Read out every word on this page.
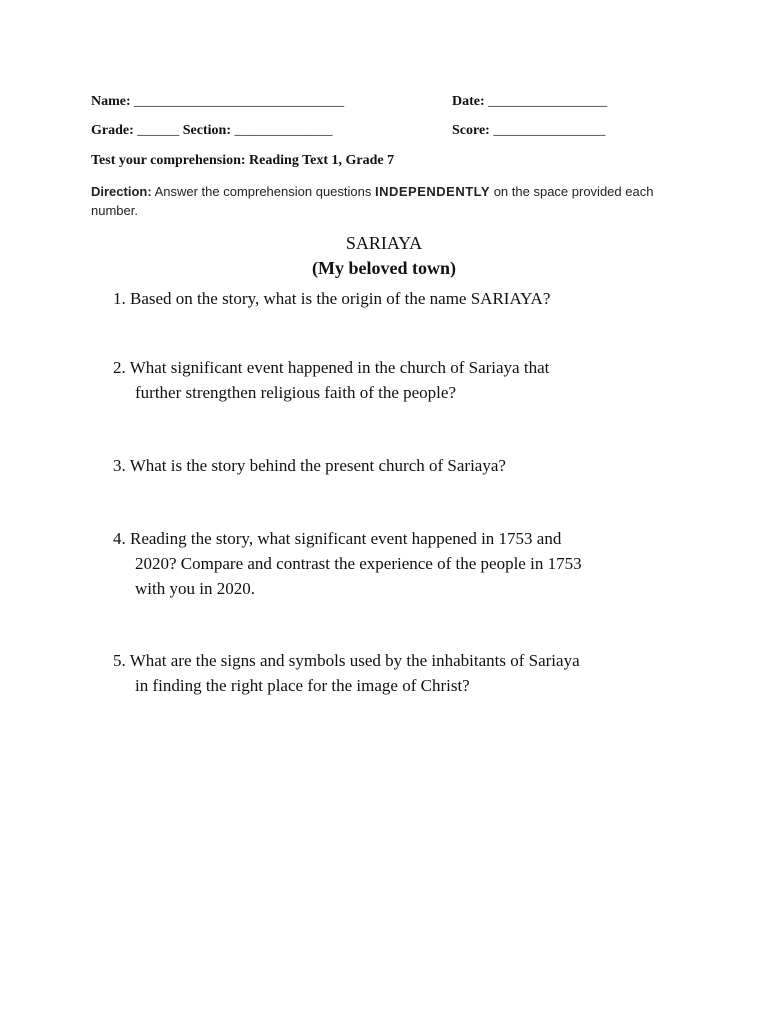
Name: ______________________________	Date: _________________
Grade: ______ Section: ______________	Score: ________________
Test your comprehension: Reading Text 1, Grade 7
Direction: Answer the comprehension questions INDEPENDENTLY on the space provided each number.
SARIAYA
(My beloved town)
1. Based on the story, what is the origin of the name SARIAYA?
2. What significant event happened in the church of Sariaya that
further strengthen religious faith of the people?
3. What is the story behind the present church of Sariaya?
4. Reading the story, what significant event happened in 1753 and
2020? Compare and contrast the experience of the people in 1753
with you in 2020.
5. What are the signs and symbols used by the inhabitants of Sariaya
in finding the right place for the image of Christ?
